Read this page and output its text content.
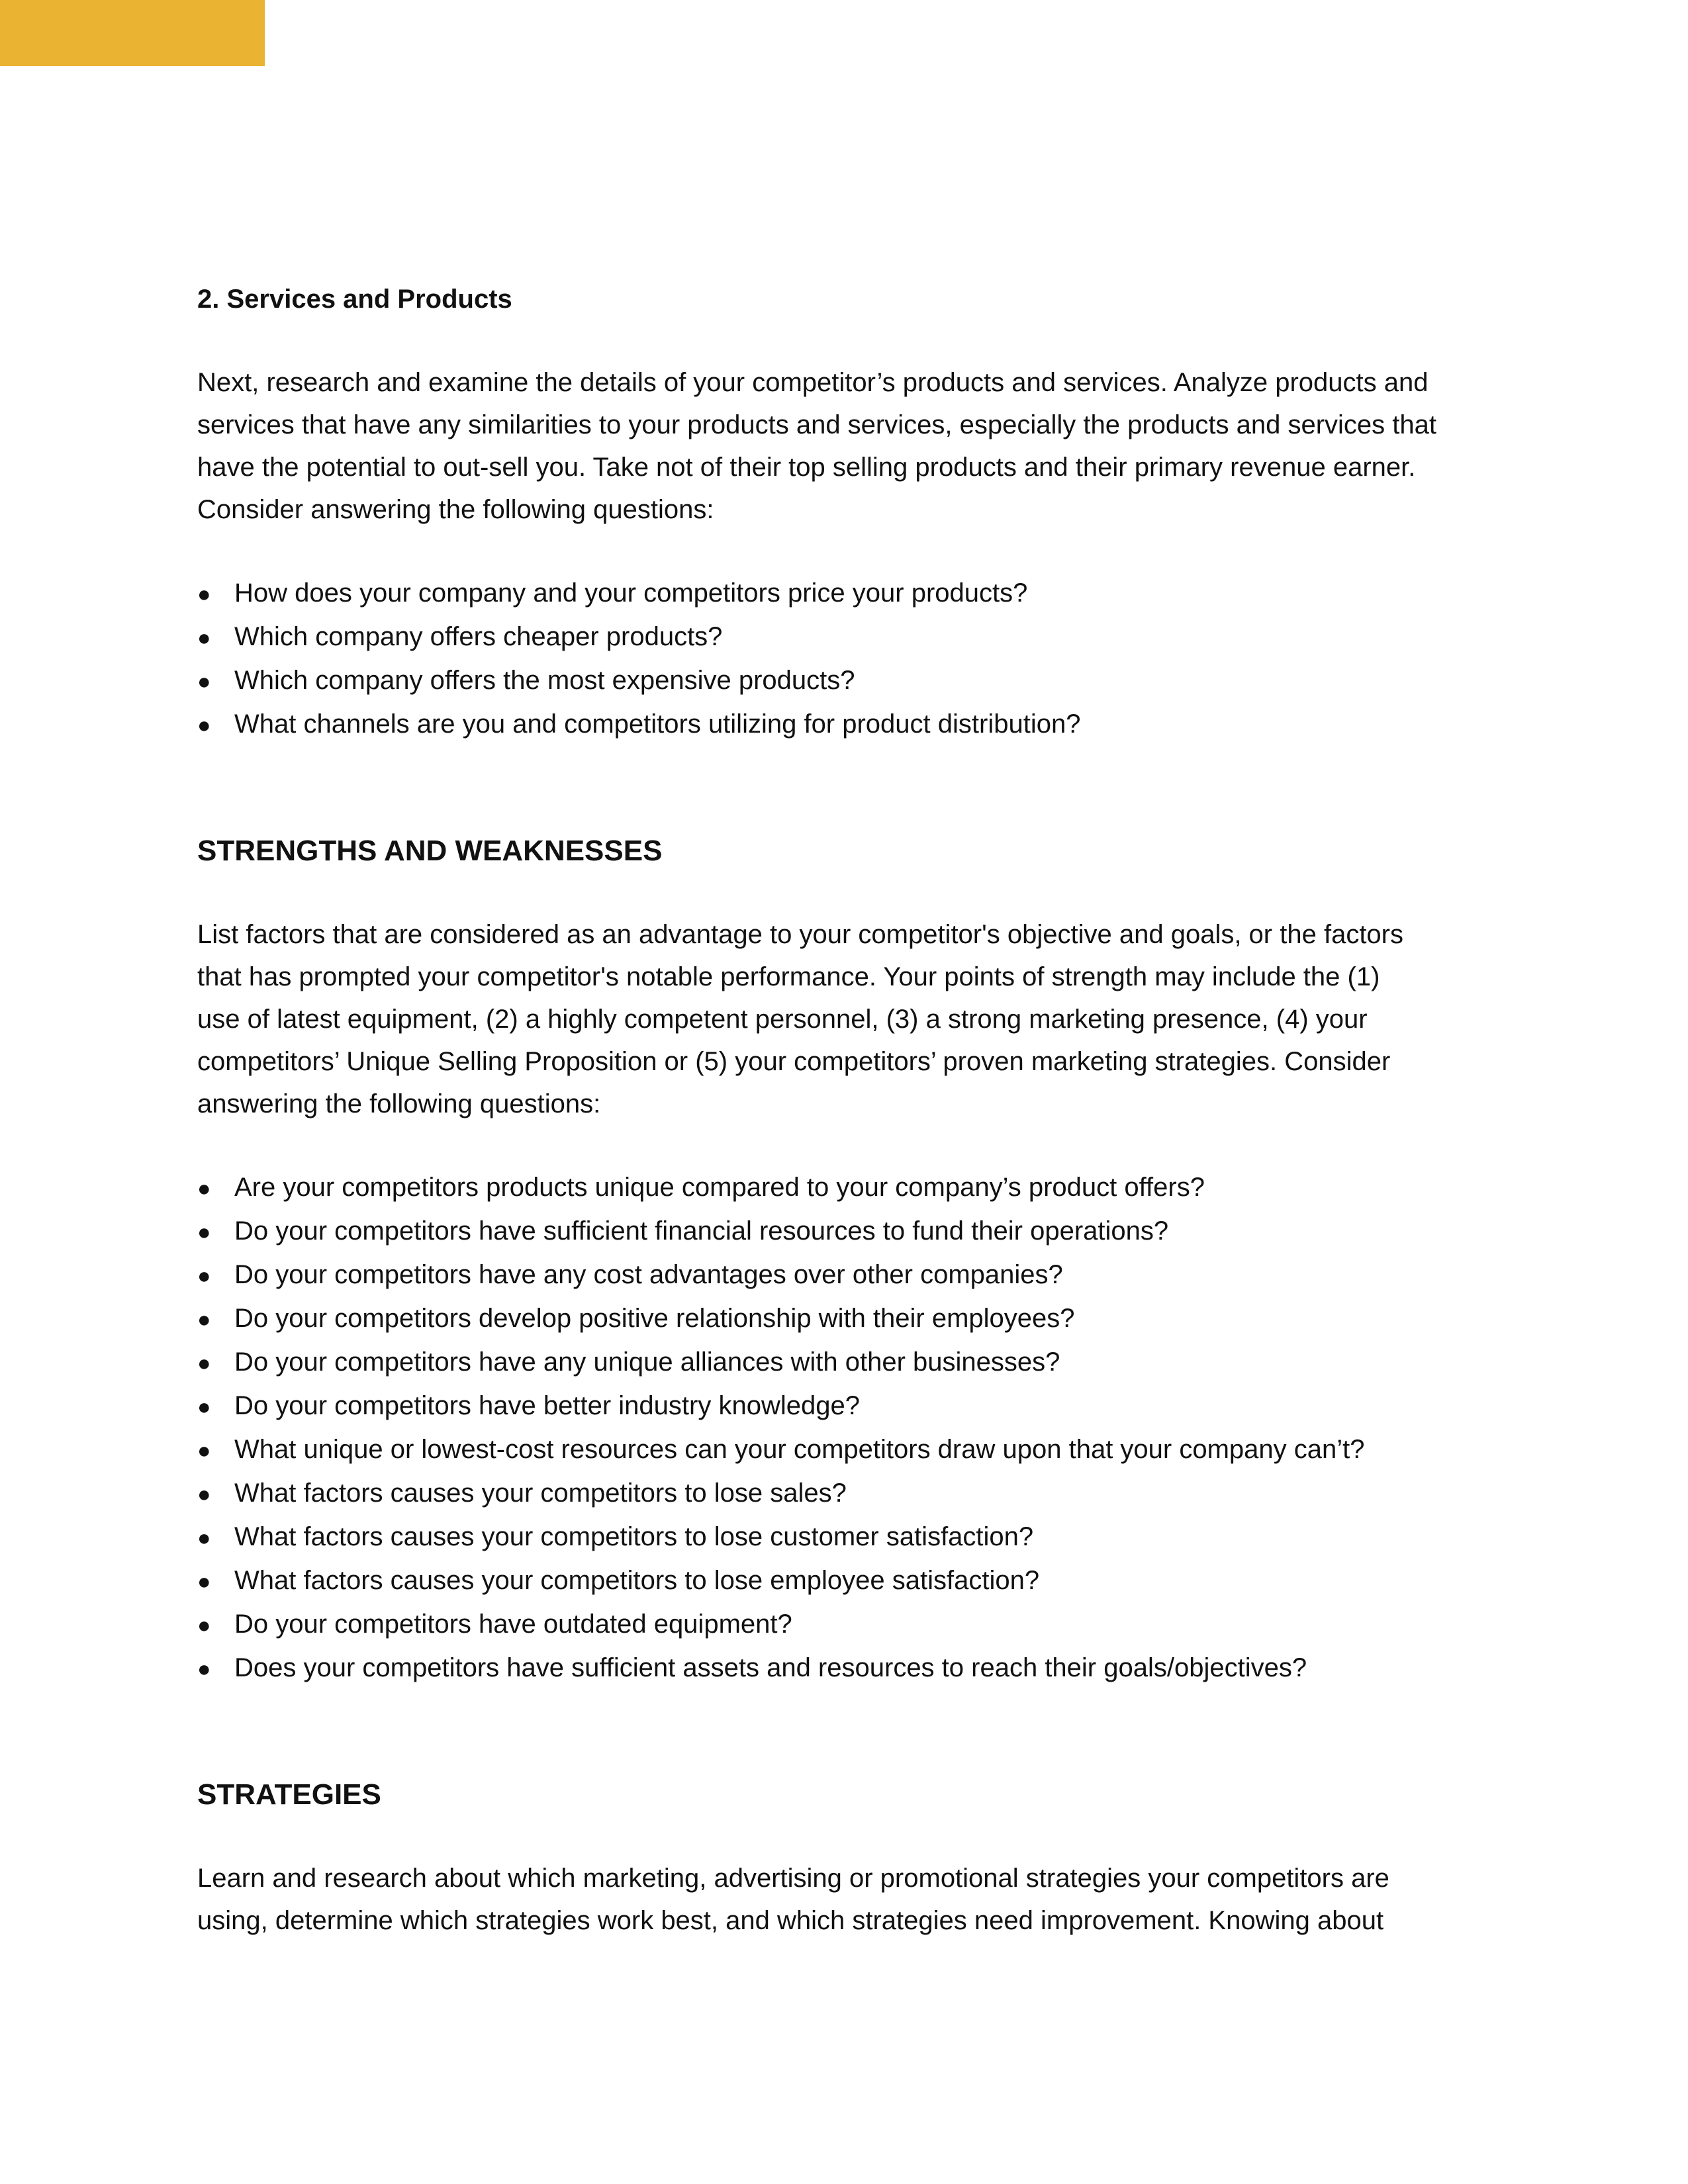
2. Services and Products

Next, research and examine the details of your competitor’s products and services. Analyze products and

services that have any similarities to your products and services, especially the products and services that

have the potential to out-sell you. Take not of their top selling products and their primary revenue earner.

Consider answering the following questions:

● How does your company and your competitors price your products?
● Which company offers cheaper products?
● Which company offers the most expensive products?
● What channels are you and competitors utilizing for product distribution?
STRENGTHS AND WEAKNESSES

List factors that are considered as an advantage to your competitor's objective and goals, or the factors

that has prompted your competitor's notable performance. Your points of strength may include the (1)

use of latest equipment, (2) a highly competent personnel, (3) a strong marketing presence, (4) your

competitors’ Unique Selling Proposition or (5) your competitors’ proven marketing strategies. Consider

answering the following questions:

● Are your competitors products unique compared to your company’s product offers?
● Do your competitors have sufficient financial resources to fund their operations?
● Do your competitors have any cost advantages over other companies?
● Do your competitors develop positive relationship with their employees?
● Do your competitors have any unique alliances with other businesses?
● Do your competitors have better industry knowledge?
● What unique or lowest-cost resources can your competitors draw upon that your company can’t?
● What factors causes your competitors to lose sales?
● What factors causes your competitors to lose customer satisfaction?
● What factors causes your competitors to lose employee satisfaction?
● Do your competitors have outdated equipment?
● Does your competitors have sufficient assets and resources to reach their goals/objectives?
STRATEGIES

Learn and research about which marketing, advertising or promotional strategies your competitors are

using, determine which strategies work best, and which strategies need improvement. Knowing about
